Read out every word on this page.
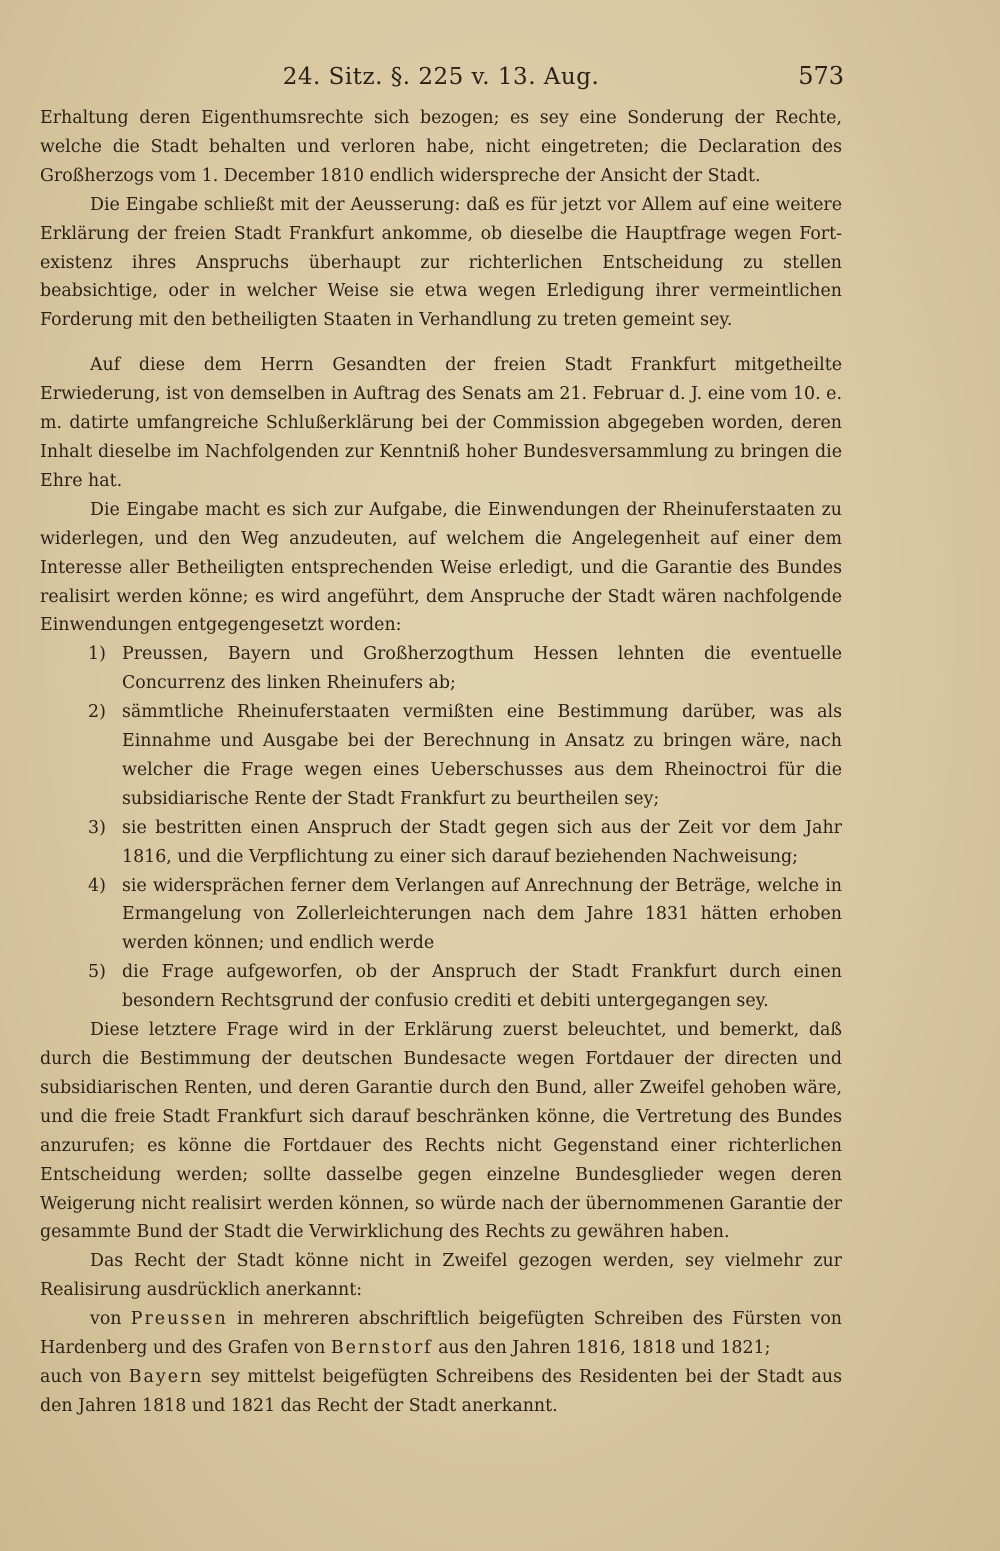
24. Sitz. §. 225 v. 13. Aug.	573

Erhaltung deren Eigenthumsrechte sich bezogen; es sey eine Sonderung der Rechte, welche die Stadt behalten und verloren habe, nicht eingetreten; die Declaration des Großherzogs vom 1. December 1810 endlich widerspreche der Ansicht der Stadt.

Die Eingabe schließt mit der Aeusserung: daß es für jetzt vor Allem auf eine weitere Erklärung der freien Stadt Frankfurt ankomme, ob dieselbe die Hauptfrage wegen Fort-existenz ihres Anspruchs überhaupt zur richterlichen Entscheidung zu stellen beabsichtige, oder in welcher Weise sie etwa wegen Erledigung ihrer vermeintlichen Forderung mit den betheiligten Staaten in Verhandlung zu treten gemeint sey.

Auf diese dem Herrn Gesandten der freien Stadt Frankfurt mitgetheilte Erwiederung, ist von demselben in Auftrag des Senats am 21. Februar d. J. eine vom 10. e. m. datirte umfangreiche Schlußerklärung bei der Commission abgegeben worden, deren Inhalt dieselbe im Nachfolgenden zur Kenntniß hoher Bundesversammlung zu bringen die Ehre hat.

Die Eingabe macht es sich zur Aufgabe, die Einwendungen der Rheinuferstaaten zu widerlegen, und den Weg anzudeuten, auf welchem die Angelegenheit auf einer dem Interesse aller Betheiligten entsprechenden Weise erledigt, und die Garantie des Bundes realisirt werden könne; es wird angeführt, dem Anspruche der Stadt wären nachfolgende Einwendungen entgegengesetzt worden:

1) Preussen, Bayern und Großherzogthum Hessen lehnten die eventuelle Concurrenz des linken Rheinufers ab;
2) sämmtliche Rheinuferstaaten vermißten eine Bestimmung darüber, was als Einnahme und Ausgabe bei der Berechnung in Ansatz zu bringen wäre, nach welcher die Frage wegen eines Ueberschusses aus dem Rheinoctroi für die subsidiarische Rente der Stadt Frankfurt zu beurtheilen sey;
3) sie bestritten einen Anspruch der Stadt gegen sich aus der Zeit vor dem Jahr 1816, und die Verpflichtung zu einer sich darauf beziehenden Nachweisung;
4) sie widersprächen ferner dem Verlangen auf Anrechnung der Beträge, welche in Ermangelung von Zollerleichterungen nach dem Jahre 1831 hätten erhoben werden können; und endlich werde
5) die Frage aufgeworfen, ob der Anspruch der Stadt Frankfurt durch einen besondern Rechtsgrund der confusio crediti et debiti untergegangen sey.

Diese letztere Frage wird in der Erklärung zuerst beleuchtet, und bemerkt, daß durch die Bestimmung der deutschen Bundesacte wegen Fortdauer der directen und subsidiarischen Renten, und deren Garantie durch den Bund, aller Zweifel gehoben wäre, und die freie Stadt Frankfurt sich darauf beschränken könne, die Vertretung des Bundes anzurufen; es könne die Fortdauer des Rechts nicht Gegenstand einer richterlichen Entscheidung werden; sollte dasselbe gegen einzelne Bundesglieder wegen deren Weigerung nicht realisirt werden können, so würde nach der übernommenen Garantie der gesammte Bund der Stadt die Verwirklichung des Rechts zu gewähren haben.

Das Recht der Stadt könne nicht in Zweifel gezogen werden, sey vielmehr zur Realisirung ausdrücklich anerkannt:

von Preussen in mehreren abschriftlich beigefügten Schreiben des Fürsten von Hardenberg und des Grafen von Bernstorf aus den Jahren 1816, 1818 und 1821;

auch von Bayern sey mittelst beigefügten Schreibens des Residenten bei der Stadt aus den Jahren 1818 und 1821 das Recht der Stadt anerkannt.
